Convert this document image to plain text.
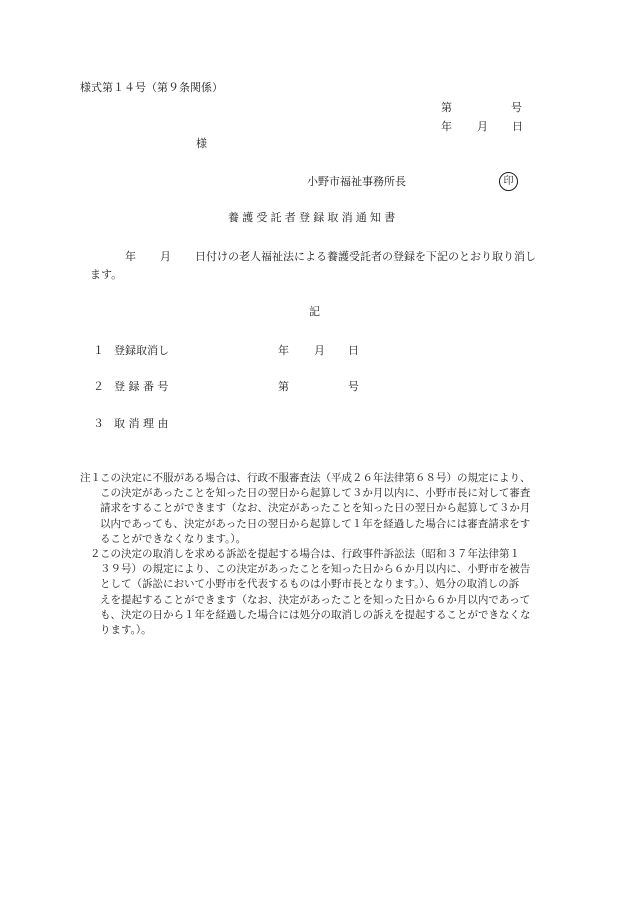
様式第１４号（第９条関係）
第	号
年 月 日
様
小野市福祉事務所長	印
養護受託者登録取消通知書
年 月 日付けの老人福祉法による養護受託者の登録を下記のとおり取り消し
ます。
記
１ 登録取消し	年 月 日
２ 登 録 番 号	第	号
３ 取 消 理 由
注１ この決定に不服がある場合は、行政不服審査法（平成２６年法律第６８号）の規定により、
この決定があったことを知った日の翌日から起算して３か月以内に、小野市長に対して審査
請求をすることができます（なお、決定があったことを知った日の翌日から起算して３か月
以内であっても、決定があった日の翌日から起算して１年を経過した場合には審査請求をす
ることができなくなります。）。
２ この決定の取消しを求める訴訟を提起する場合は、行政事件訴訟法（昭和３７年法律第１
３９号）の規定により、この決定があったことを知った日から６か月以内に、小野市を被告
として（訴訟において小野市を代表するものは小野市長となります。）、処分の取消しの訴
えを提起することができます（なお、決定があったことを知った日から６か月以内であって
も、決定の日から１年を経過した場合には処分の取消しの訴えを提起することができなくな
ります。）。
